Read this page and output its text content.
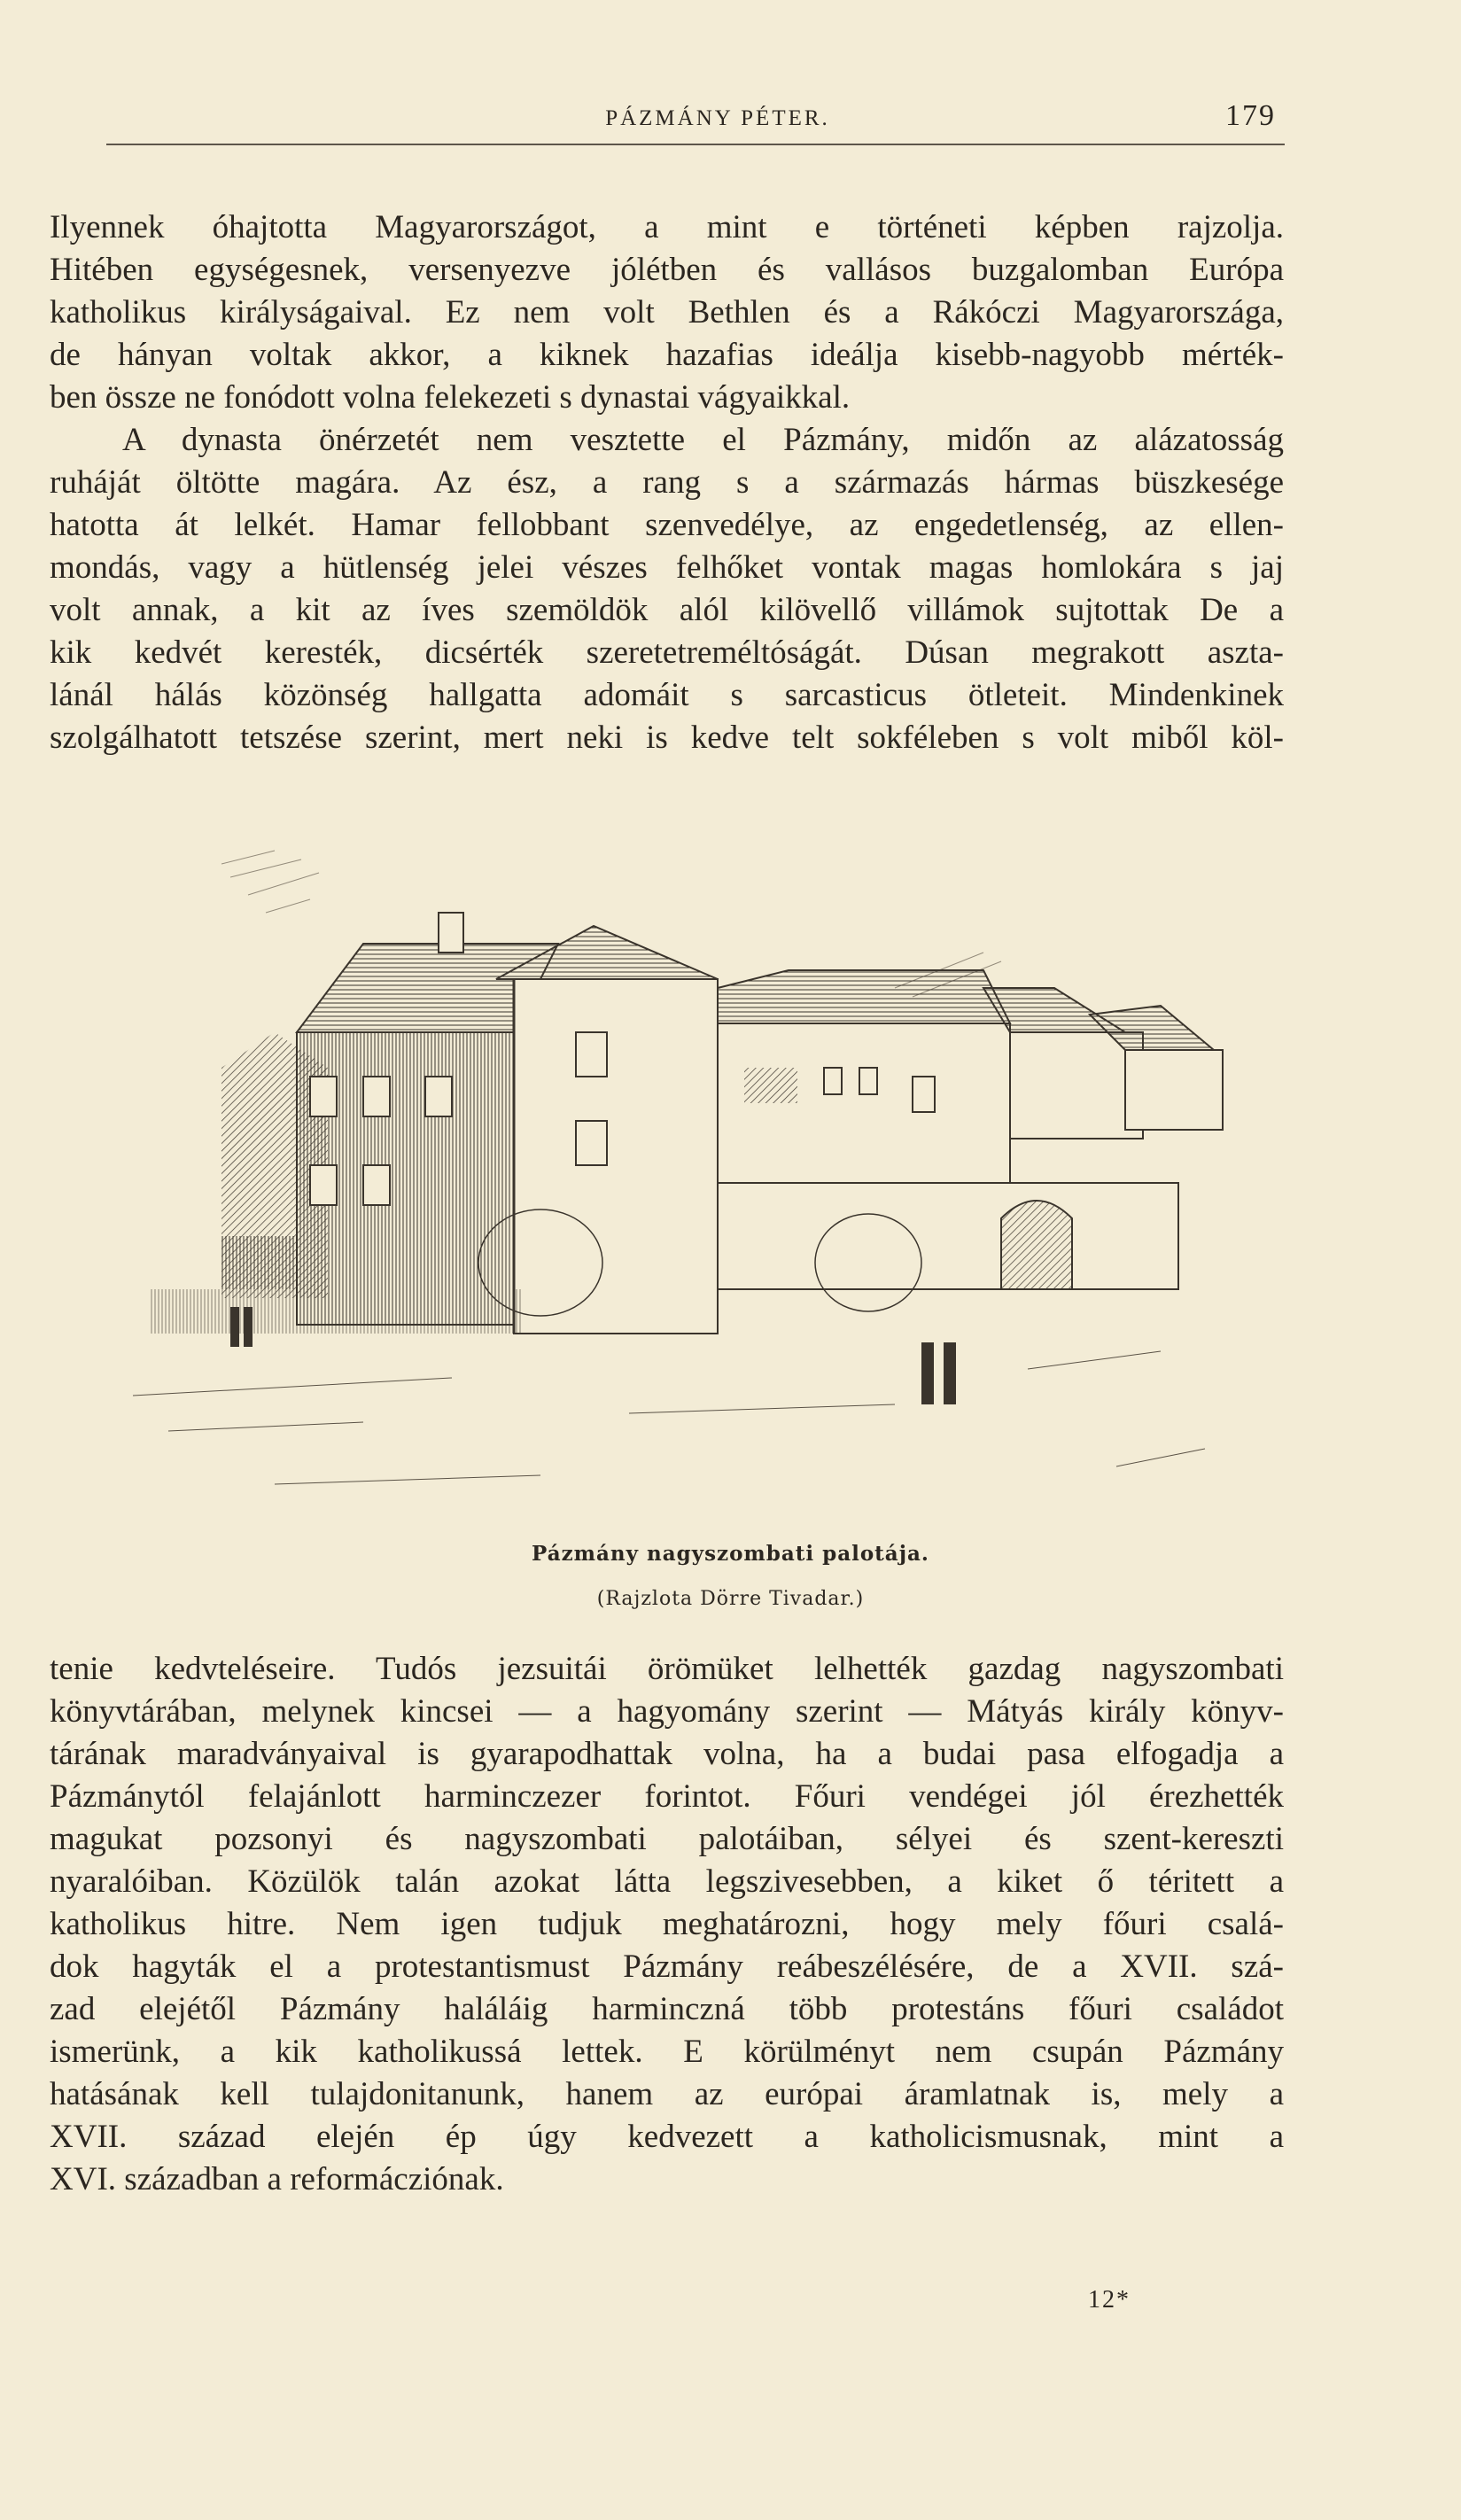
PÁZMÁNY PÉTER.	179
Ilyennek óhajtotta Magyarországot, a mint e történeti képben rajzolja.
Hitében egységesnek, versenyezve jólétben és vallásos buzgalomban Európa
katholikus királyságaival. Ez nem volt Bethlen és a Rákóczi Magyarországa,
de hányan voltak akkor, a kiknek hazafias ideálja kisebb-nagyobb mérték-
ben össze ne fonódott volna felekezeti s dynastai vágyaikkal.
A dynasta önérzetét nem vesztette el Pázmány, midőn az alázatosság
ruháját öltötte magára. Az ész, a rang s a származás hármas büszkesége
hatotta át lelkét. Hamar fellobbant szenvedélye, az engedetlenség, az ellen-
mondás, vagy a hütlenség jelei vészes felhőket vontak magas homlokára s jaj
volt annak, a kit az íves szemöldök alól kilövellő villámok sujtottak De a
kik kedvét keresték, dicsérték szeretetreméltóságát. Dúsan megrakott aszta-
lánál hálás közönség hallgatta adomáit s sarcasticus ötleteit. Mindenkinek
szolgálhatott tetszése szerint, mert neki is kedve telt sokféleben s volt miből köl-
Pázmány nagyszombati palotája.
(Rajzlota Dörre Tivadar.)
tenie kedvteléseire. Tudós jezsuitái örömüket lelhették gazdag nagyszombati
könyvtárában, melynek kincsei — a hagyomány szerint — Mátyás király könyv-
tárának maradványaival is gyarapodhattak volna, ha a budai pasa elfogadja a
Pázmánytól felajánlott harminczezer forintot. Főuri vendégei jól érezhették
magukat pozsonyi és nagyszombati palotáiban, sélyei és szent-kereszti
nyaralóiban. Közülök talán azokat látta legszivesebben, a kiket ő téritett a
katholikus hitre. Nem igen tudjuk meghatározni, hogy mely főuri csalá-
dok hagyták el a protestantismust Pázmány reábeszélésére, de a XVII. szá-
zad elejétől Pázmány haláláig harminczná több protestáns főuri családot
ismerünk, a kik katholikussá lettek. E körülményt nem csupán Pázmány
hatásának kell tulajdonitanunk, hanem az európai áramlatnak is, mely a
XVII. század elején ép úgy kedvezett a katholicismusnak, mint a
XVI. században a reformácziónak.
12*
